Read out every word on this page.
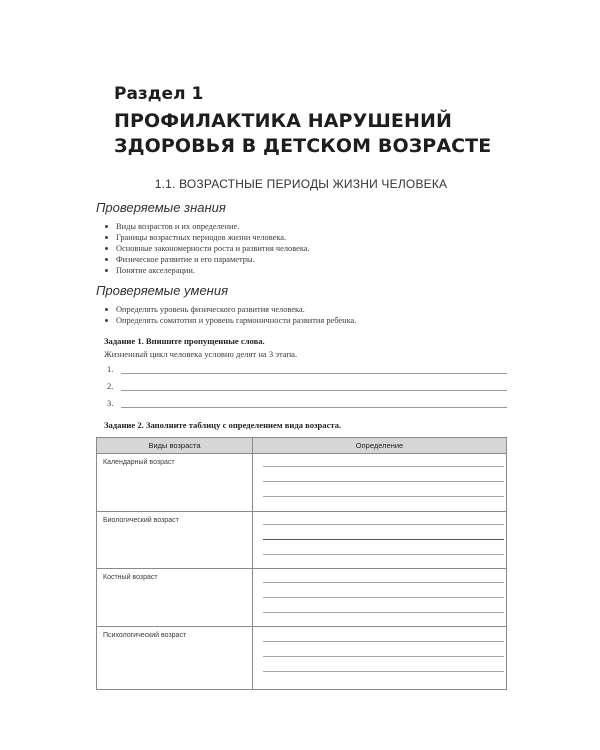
Раздел 1
ПРОФИЛАКТИКА НАРУШЕНИЙ ЗДОРОВЬЯ В ДЕТСКОМ ВОЗРАСТЕ
1.1. ВОЗРАСТНЫЕ ПЕРИОДЫ ЖИЗНИ ЧЕЛОВЕКА
Проверяемые знания
Виды возрастов и их определение.
Границы возрастных периодов жизни человека.
Основные закономерности роста и развития человека.
Физическое развитие и его параметры.
Понятие акселерации.
Проверяемые умения
Определять уровень физического развития человека.
Определять соматотип и уровень гармоничности развития ребенка.
Задание 1. Впишите пропущенные слова.
Жизненный цикл человека условно делят на 3 этапа.
1.
2.
3.
Задание 2. Заполните таблицу с определением вида возраста.
Виды возраста	Определение
Календарный возраст
Биологический возраст
Костный возраст
Психологический возраст
